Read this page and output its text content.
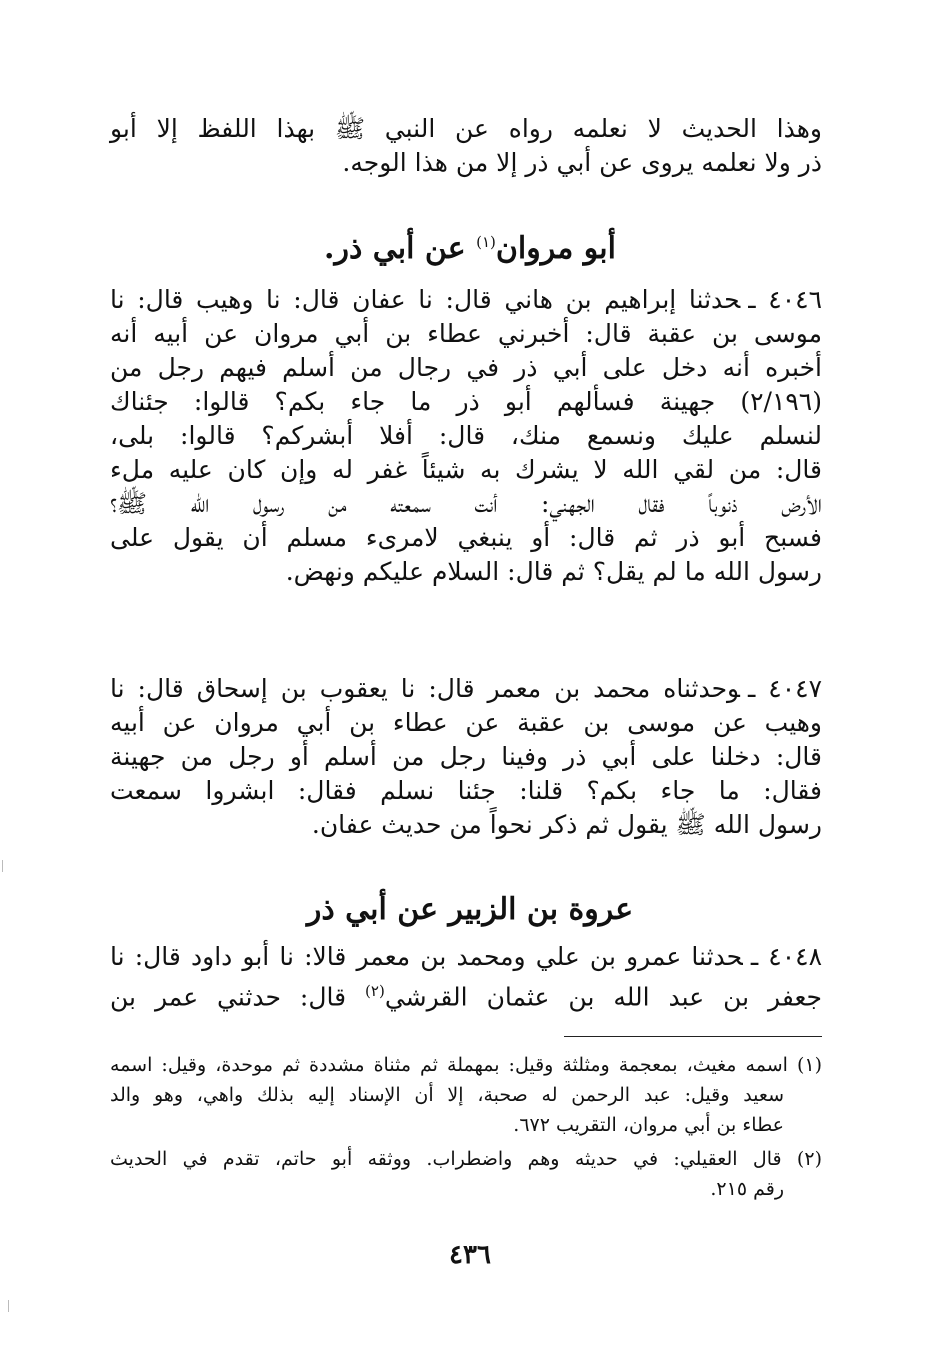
وهذا الحديث لا نعلمه رواه عن النبي ﷺ بهذا اللفظ إلا أبو
ذر ولا نعلمه يروى عن أبي ذر إلا من هذا الوجه.
أبو مروان$^{(١)}$ عن أبي ذر.
٤٠٤٦ ـحدثنا إبراهيم بن هاني قال: نا عفان قال: نا وهيب قال: نا
موسى بن عقبة قال: أخبرني عطاء بن أبي مروان عن أبيه أنه
أخبره أنه دخل على أبي ذر في رجال من أسلم فيهم رجل من
(٢/١٩٦) جهينة فسألهم أبو ذر ما جاء بكم؟ قالوا: جئناك
لنسلم عليك ونسمع منك، قال: أفلا أبشركم؟ قالوا: بلى،
قال: من لقي الله لا يشرك به شيئاً غفر له وإن كان عليه ملء
الأرض ذنوباً فقال الجهني: أنت سمعته من رسول الله ﷺ؟
فسبح أبو ذر ثم قال: أو ينبغي لامرىء مسلم أن يقول على
رسول الله ما لم يقل؟ ثم قال: السلام عليكم ونهض.
٤٠٤٧ ـوحدثناه محمد بن معمر قال: نا يعقوب بن إسحاق قال: نا
وهيب عن موسى بن عقبة عن عطاء بن أبي مروان عن أبيه
قال: دخلنا على أبي ذر وفينا رجل من أسلم أو رجل من جهينة
فقال: ما جاء بكم؟ قلنا: جئنا نسلم فقال: ابشروا سمعت
رسول الله ﷺ يقول ثم ذكر نحواً من حديث عفان.
عروة بن الزبير عن أبي ذر
٤٠٤٨ ـحدثنا عمرو بن علي ومحمد بن معمر قالا: نا أبو داود قال: نا
جعفر بن عبد الله بن عثمان القرشي$^{(٢)}$ قال: حدثني عمر بن
(١) اسمه مغيث، بمعجمة ومثلثة وقيل: بمهملة ثم مثناة مشددة ثم موحدة، وقيل: اسمه
سعيد وقيل: عبد الرحمن له صحبة، إلا أن الإسناد إليه بذلك واهي، وهو والد
عطاء بن أبي مروان، التقريب ٦٧٢.
(٢) قال العقيلي: في حديثه وهم واضطراب. ووثقه أبو حاتم، تقدم في الحديث
رقم ٢١٥.
٤٣٦
